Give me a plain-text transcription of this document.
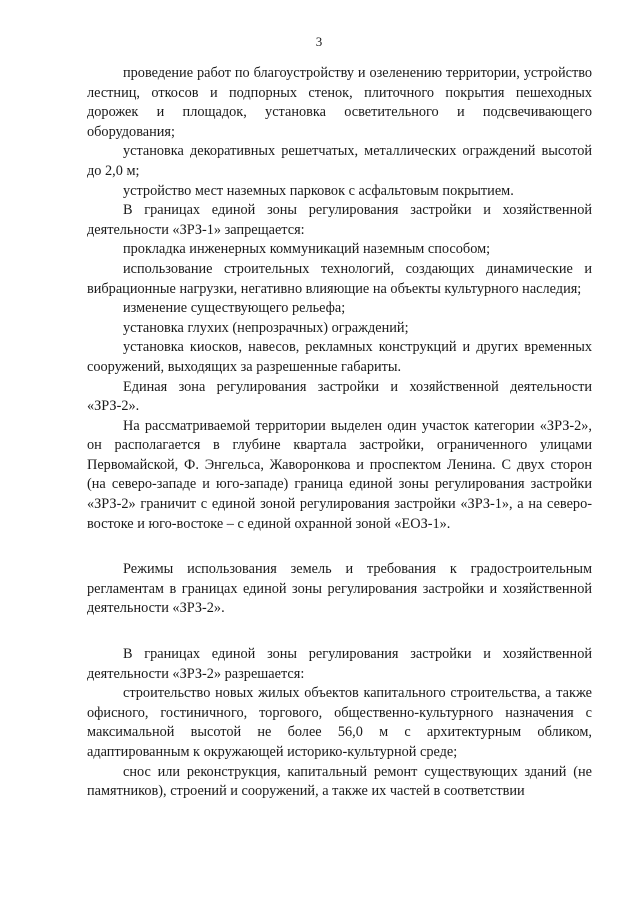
3

проведение работ по благоустройству и озеленению территории, устройство лестниц, откосов и подпорных стенок, плиточного покрытия пешеходных дорожек и площадок, установка осветительного и подсвечивающего оборудования;

установка декоративных решетчатых, металлических ограждений высотой до 2,0 м;

устройство мест наземных парковок с асфальтовым покрытием.

В границах единой зоны регулирования застройки и хозяйственной деятельности «ЗРЗ-1» запрещается:

прокладка инженерных коммуникаций наземным способом;

использование строительных технологий, создающих динамические и вибрационные нагрузки, негативно влияющие на объекты культурного наследия;

изменение существующего рельефа;

установка глухих (непрозрачных) ограждений;

установка киосков, навесов, рекламных конструкций и других временных сооружений, выходящих за разрешенные габариты.

Единая зона регулирования застройки и хозяйственной деятельности «ЗРЗ-2».

На рассматриваемой территории выделен один участок категории «ЗРЗ-2», он располагается в глубине квартала застройки, ограниченного улицами Первомайской, Ф. Энгельса, Жаворонкова и проспектом Ленина. С двух сторон (на северо-западе и юго-западе) граница единой зоны регулирования застройки «ЗРЗ-2» граничит с единой зоной регулирования застройки «ЗРЗ-1», а на северо-востоке и юго-востоке – с единой охранной зоной «ЕОЗ-1».

Режимы использования земель и требования к градостроительным регламентам в границах единой зоны регулирования застройки и хозяйственной деятельности «ЗРЗ-2».

В границах единой зоны регулирования застройки и хозяйственной деятельности «ЗРЗ-2» разрешается:

строительство новых жилых объектов капитального строительства, а также офисного, гостиничного, торгового, общественно-культурного назначения с максимальной высотой не более 56,0 м с архитектурным обликом, адаптированным к окружающей историко-культурной среде;

снос или реконструкция, капитальный ремонт существующих зданий (не памятников), строений и сооружений, а также их частей в соответствии
